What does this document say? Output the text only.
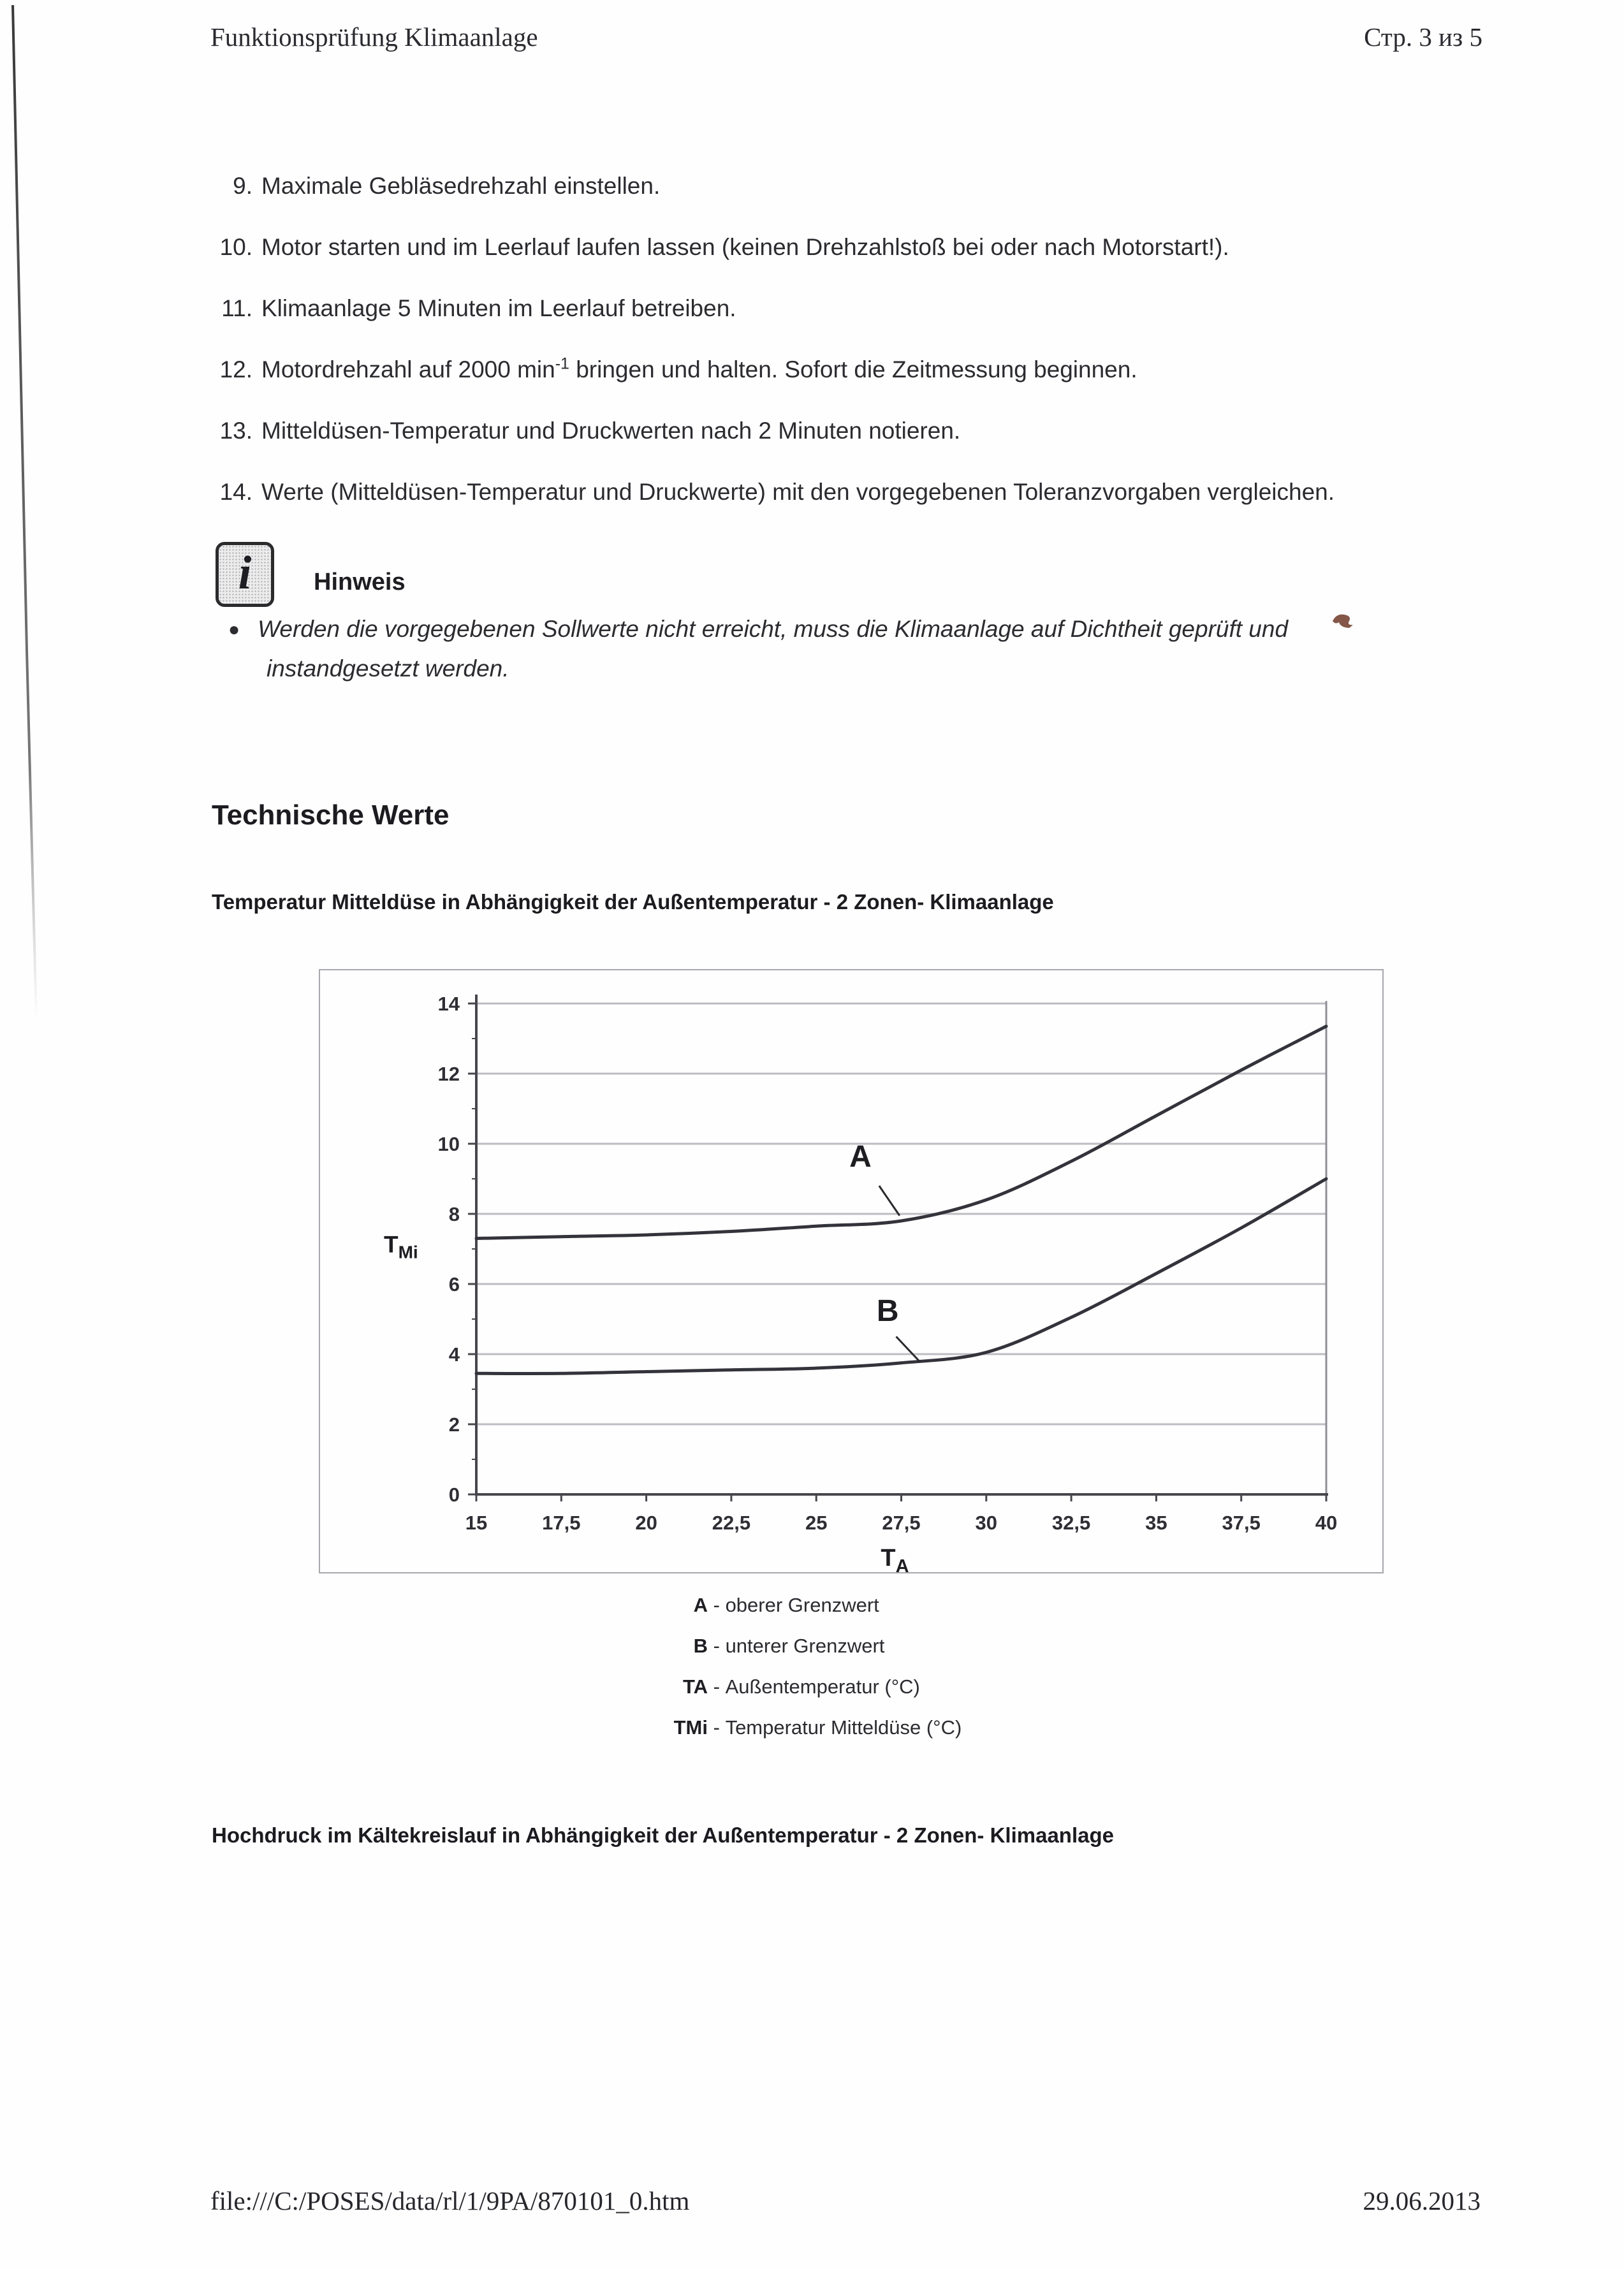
Funktionsprüfung Klimaanlage	Стр. 3 из 5
9. Maximale Gebläsedrehzahl einstellen.
10. Motor starten und im Leerlauf laufen lassen (keinen Drehzahlstoß bei oder nach Motorstart!).
11. Klimaanlage 5 Minuten im Leerlauf betreiben.
12. Motordrehzahl auf 2000 $\min^{-1}$ bringen und halten. Sofort die Zeitmessung beginnen.
13. Mitteldüsen-Temperatur und Druckwerten nach 2 Minuten notieren.
14. Werte (Mitteldüsen-Temperatur und Druckwerte) mit den vorgegebenen Toleranzvorgaben vergleichen.
i	Hinweis
● Werden die vorgegebenen Sollwerte nicht erreicht, muss die Klimaanlage auf Dichtheit geprüft und
instandgesetzt werden.
Technische Werte
Temperatur Mitteldüse in Abhängigkeit der Außentemperatur - 2 Zonen- Klimaanlage
0
2
4
6
8
10
12
14
15	17,5	20	22,5	25	27,5	30	32,5	35	37,5	40
$T_{Mi}$
$T_A$
A
B
A - oberer Grenzwert
B - unterer Grenzwert
TA - Außentemperatur (°C)
TMi - Temperatur Mitteldüse (°C)
Hochdruck im Kältekreislauf in Abhängigkeit der Außentemperatur - 2 Zonen- Klimaanlage
file:///C:/POSES/data/rl/1/9PA/870101_0.htm	29.06.2013
